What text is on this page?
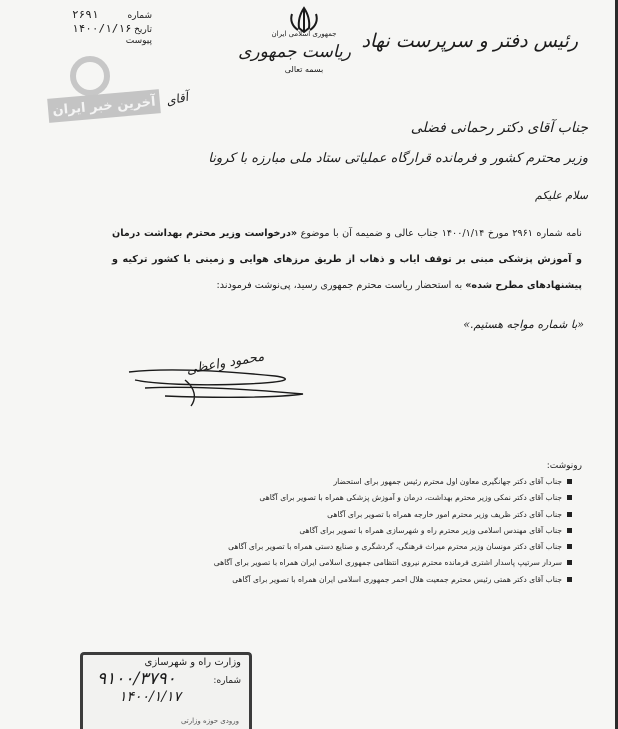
رئیس دفتر و سرپرست نهاد
جمهوری اسلامی ایران
ریاست جمهوری
بسمه تعالی
۲۶۹۱	شماره
۱۴۰۰/۱/۱۶ تاریخ
پیوست
آخرین خبر ایران آقای
جناب آقای دکتر رحمانی فضلی
وزیر محترم کشور و فرمانده قرارگاه عملیاتی ستاد ملی مبارزه با کرونا
سلام علیکم
نامه شماره ۲۹۶۱ مورخ ۱۴۰۰/۱/۱۴ جناب عالی و ضمیمه آن با موضوع «درخواست وزیر محترم بهداشت درمان و آموزش پزشکی مبنی بر توقف ایاب و ذهاب از طریق مرزهای هوایی و زمینی با کشور ترکیه و پیشنهادهای مطرح شده» به استحضار ریاست محترم جمهوری رسید، پی‌نوشت فرمودند:
«با شماره مواجه هستیم.»
محمود واعظی
رونوشت:
جناب آقای دکتر جهانگیری معاون اول محترم رئیس جمهور برای استحضار
جناب آقای دکتر نمکی وزیر محترم بهداشت، درمان و آموزش پزشکی همراه با تصویر برای آگاهی
جناب آقای دکتر ظریف وزیر محترم امور خارجه همراه با تصویر برای آگاهی
جناب آقای مهندس اسلامی وزیر محترم راه و شهرسازی همراه با تصویر برای آگاهی
جناب آقای دکتر مونسان وزیر محترم میراث فرهنگی، گردشگری و صنایع دستی همراه با تصویر برای آگاهی
سردار سرتیپ پاسدار اشتری فرمانده محترم نیروی انتظامی جمهوری اسلامی ایران همراه با تصویر برای آگاهی
جناب آقای دکتر همتی رئیس محترم جمعیت هلال احمر جمهوری اسلامی ایران همراه با تصویر برای آگاهی
وزارت راه و شهرسازی
شماره:
۹۱۰۰/۳۷۹۰
۱۴۰۰/۱/۱۷
ورودی حوزه وزارتی
